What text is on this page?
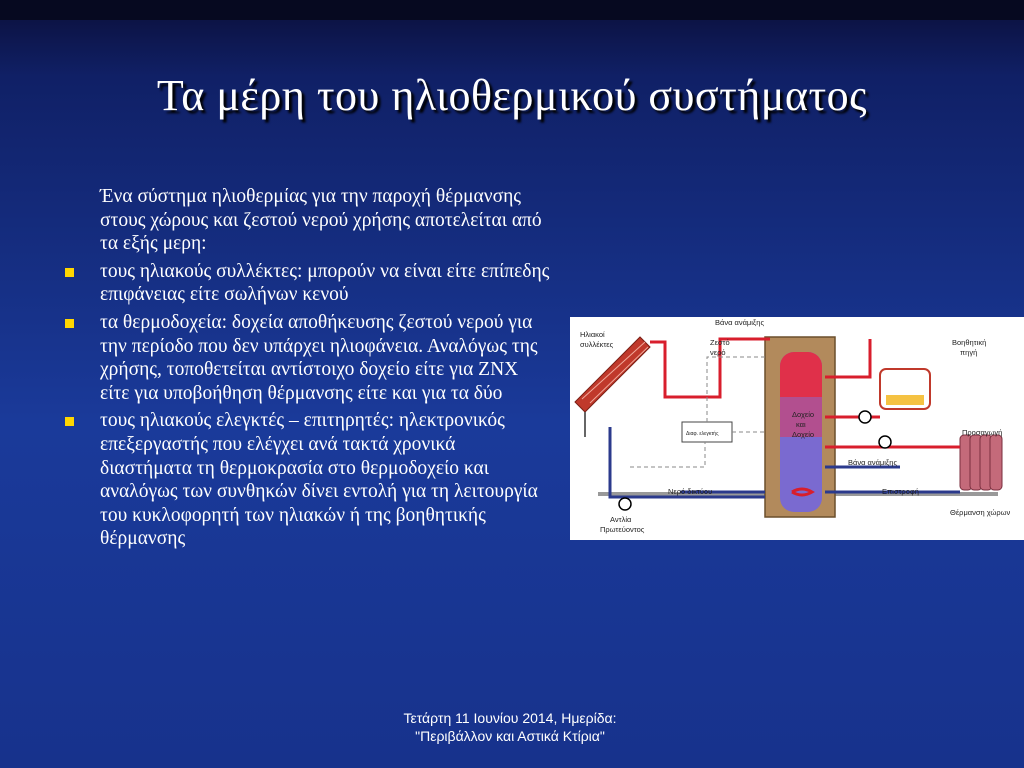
Τα μέρη του ηλιοθερμικού συστήματος
Ένα σύστημα ηλιοθερμίας για την παροχή θέρμανσης στους χώρους και ζεστού νερού χρήσης αποτελείται από τα εξής μερη:
τους ηλιακούς συλλέκτες: μπορούν να είναι είτε επίπεδης επιφάνειας είτε σωλήνων κενού
τα θερμοδοχεία: δοχεία αποθήκευσης ζεστού νερού για την περίοδο που δεν υπάρχει ηλιοφάνεια. Αναλόγως της χρήσης, τοποθετείται αντίστοιχο δοχείο είτε για ΖΝΧ είτε για υποβοήθηση θέρμανσης είτε και για τα δύο
τους ηλιακούς ελεγκτές – επιτηρητές: ηλεκτρονικός επεξεργαστής που ελέγχει ανά τακτά χρονικά διαστήματα τη θερμοκρασία στο θερμοδοχείο και αναλόγως των συνθηκών δίνει εντολή για τη λειτουργία του κυκλοφορητή των ηλιακών ή της βοηθητικής θέρμανσης
Ηλιακοί
συλλέκτες
Βάνα ανάμιξης
Ζεστό
νερό
Βοηθητική
πηγή
Δοχείο
και
Δοχείο
Διαφ. ελεγκτής	Προσαγωγή
Βάνα ανάμιξης
Νερό δικτύου	Επιστροφή
Θέρμανση χώρων
Αντλία
Πρωτεύοντος
Τετάρτη 11 Ιουνίου 2014, Ημερίδα:
"Περιβάλλον και Αστικά Κτίρια"
